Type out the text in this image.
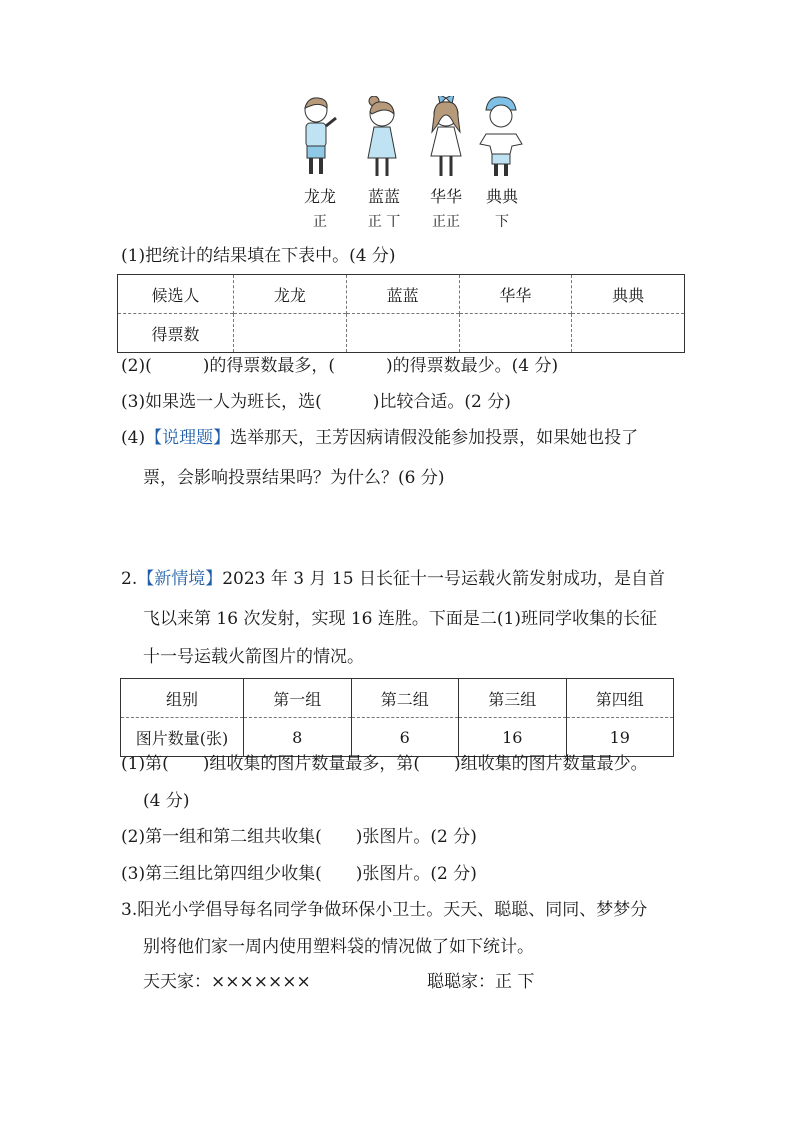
龙龙	蓝蓝	华华	典典
正	正 丅	正正	下
(1)把统计的结果填在下表中。(4 分)
候选人	龙龙	蓝蓝	华华	典典
得票数				
(2)(　　　)的得票数最多，(　　　)的得票数最少。(4 分)
(3)如果选一人为班长，选(　　　)比较合适。(2 分)
(4)【说理题】选举那天，王芳因病请假没能参加投票，如果她也投了
票，会影响投票结果吗？为什么？(6 分)
2.【新情境】2023 年 3 月 15 日长征十一号运载火箭发射成功，是自首
飞以来第 16 次发射，实现 16 连胜。下面是二(1)班同学收集的长征
十一号运载火箭图片的情况。
组别	第一组	第二组	第三组	第四组
图片数量(张)	8	6	16	19
(1)第(　　)组收集的图片数量最多，第(　　)组收集的图片数量最少。
(4 分)
(2)第一组和第二组共收集(　　)张图片。(2 分)
(3)第三组比第四组少收集(　　)张图片。(2 分)
3.阳光小学倡导每名同学争做环保小卫士。天天、聪聪、同同、梦梦分
别将他们家一周内使用塑料袋的情况做了如下统计。
天天家：×××××××	聪聪家：正 下
